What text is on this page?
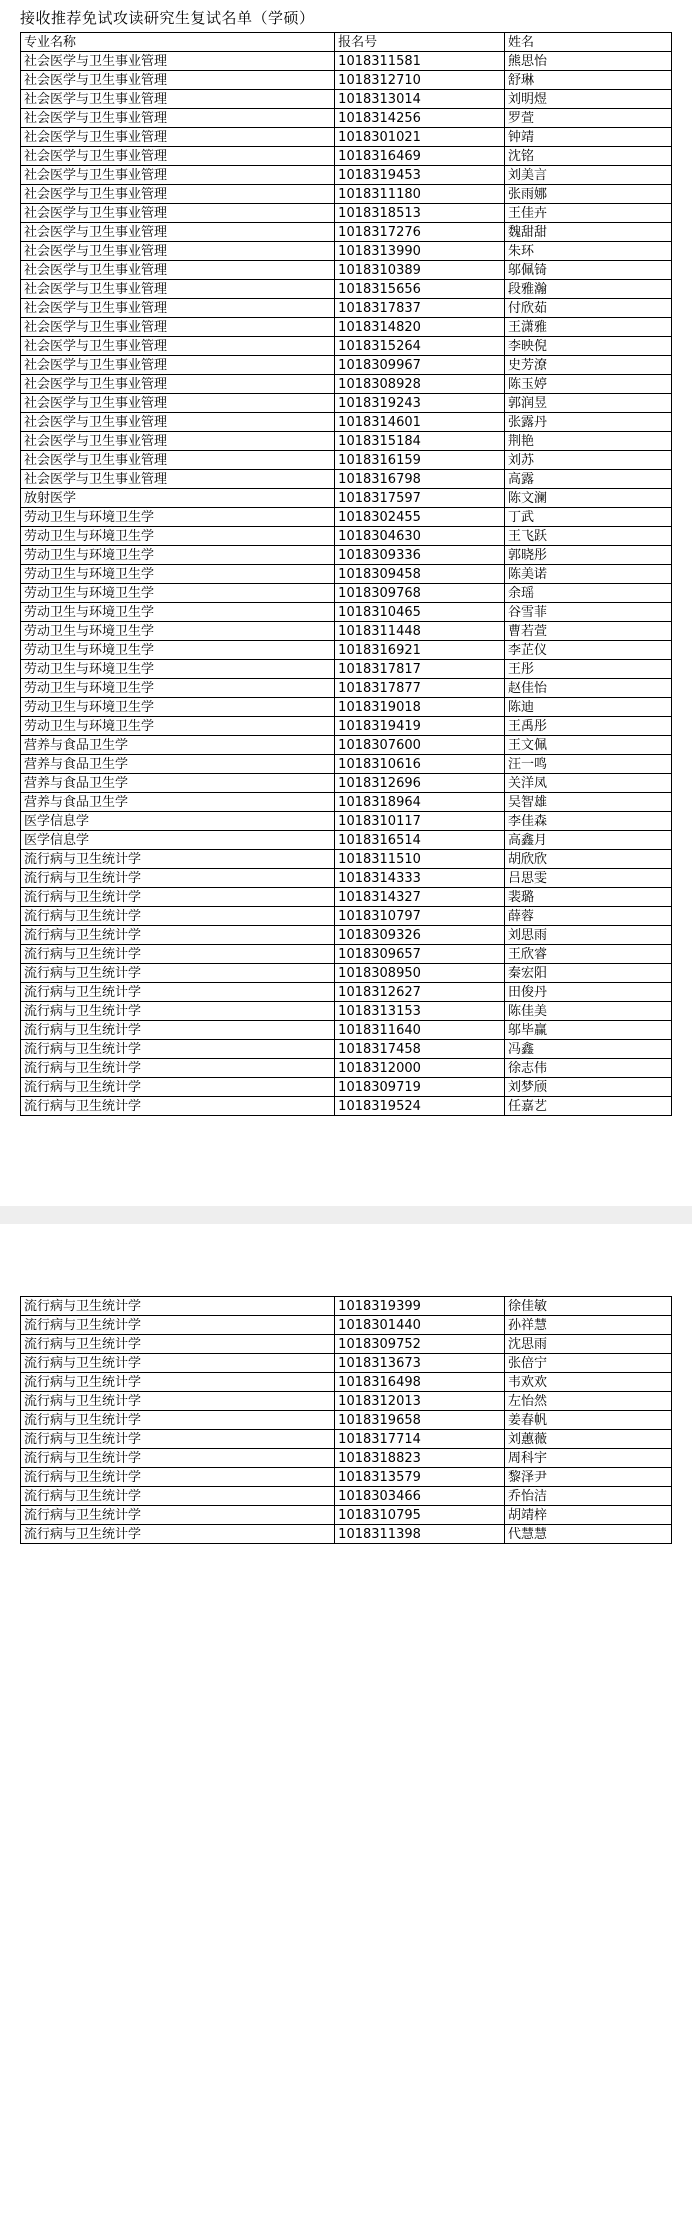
接收推荐免试攻读研究生复试名单（学硕）
专业名称	报名号	姓名
社会医学与卫生事业管理	1018311581	熊思怡
社会医学与卫生事业管理	1018312710	舒琳
社会医学与卫生事业管理	1018313014	刘明煜
社会医学与卫生事业管理	1018314256	罗萱
社会医学与卫生事业管理	1018301021	钟靖
社会医学与卫生事业管理	1018316469	沈铭
社会医学与卫生事业管理	1018319453	刘美言
社会医学与卫生事业管理	1018311180	张雨娜
社会医学与卫生事业管理	1018318513	王佳卉
社会医学与卫生事业管理	1018317276	魏甜甜
社会医学与卫生事业管理	1018313990	朱环
社会医学与卫生事业管理	1018310389	邬佩锜
社会医学与卫生事业管理	1018315656	段雅瀚
社会医学与卫生事业管理	1018317837	付欣茹
社会医学与卫生事业管理	1018314820	王潇雅
社会医学与卫生事业管理	1018315264	李映倪
社会医学与卫生事业管理	1018309967	史芳潦
社会医学与卫生事业管理	1018308928	陈玉婷
社会医学与卫生事业管理	1018319243	郭润昱
社会医学与卫生事业管理	1018314601	张露丹
社会医学与卫生事业管理	1018315184	荆艳
社会医学与卫生事业管理	1018316159	刘苏
社会医学与卫生事业管理	1018316798	高露
放射医学	1018317597	陈文澜
劳动卫生与环境卫生学	1018302455	丁武
劳动卫生与环境卫生学	1018304630	王飞跃
劳动卫生与环境卫生学	1018309336	郭晓彤
劳动卫生与环境卫生学	1018309458	陈美诺
劳动卫生与环境卫生学	1018309768	余瑶
劳动卫生与环境卫生学	1018310465	谷雪菲
劳动卫生与环境卫生学	1018311448	曹若萱
劳动卫生与环境卫生学	1018316921	李芷仪
劳动卫生与环境卫生学	1018317817	王彤
劳动卫生与环境卫生学	1018317877	赵佳怡
劳动卫生与环境卫生学	1018319018	陈迪
劳动卫生与环境卫生学	1018319419	王禹彤
营养与食品卫生学	1018307600	王文佩
营养与食品卫生学	1018310616	汪一鸣
营养与食品卫生学	1018312696	关洋凤
营养与食品卫生学	1018318964	吴智雄
医学信息学	1018310117	李佳森
医学信息学	1018316514	高鑫月
流行病与卫生统计学	1018311510	胡欣欣
流行病与卫生统计学	1018314333	吕思雯
流行病与卫生统计学	1018314327	裴璐
流行病与卫生统计学	1018310797	薛蓉
流行病与卫生统计学	1018309326	刘思雨
流行病与卫生统计学	1018309657	王欣睿
流行病与卫生统计学	1018308950	秦宏阳
流行病与卫生统计学	1018312627	田俊丹
流行病与卫生统计学	1018313153	陈佳美
流行病与卫生统计学	1018311640	邬毕赢
流行病与卫生统计学	1018317458	冯鑫
流行病与卫生统计学	1018312000	徐志伟
流行病与卫生统计学	1018309719	刘梦颀
流行病与卫生统计学	1018319524	任嘉艺
流行病与卫生统计学	1018319399	徐佳敏
流行病与卫生统计学	1018301440	孙祥慧
流行病与卫生统计学	1018309752	沈思雨
流行病与卫生统计学	1018313673	张倍宁
流行病与卫生统计学	1018316498	韦欢欢
流行病与卫生统计学	1018312013	左怡然
流行病与卫生统计学	1018319658	姜春帆
流行病与卫生统计学	1018317714	刘蕙薇
流行病与卫生统计学	1018318823	周科宇
流行病与卫生统计学	1018313579	黎泽尹
流行病与卫生统计学	1018303466	乔怡洁
流行病与卫生统计学	1018310795	胡靖梓
流行病与卫生统计学	1018311398	代慧慧
